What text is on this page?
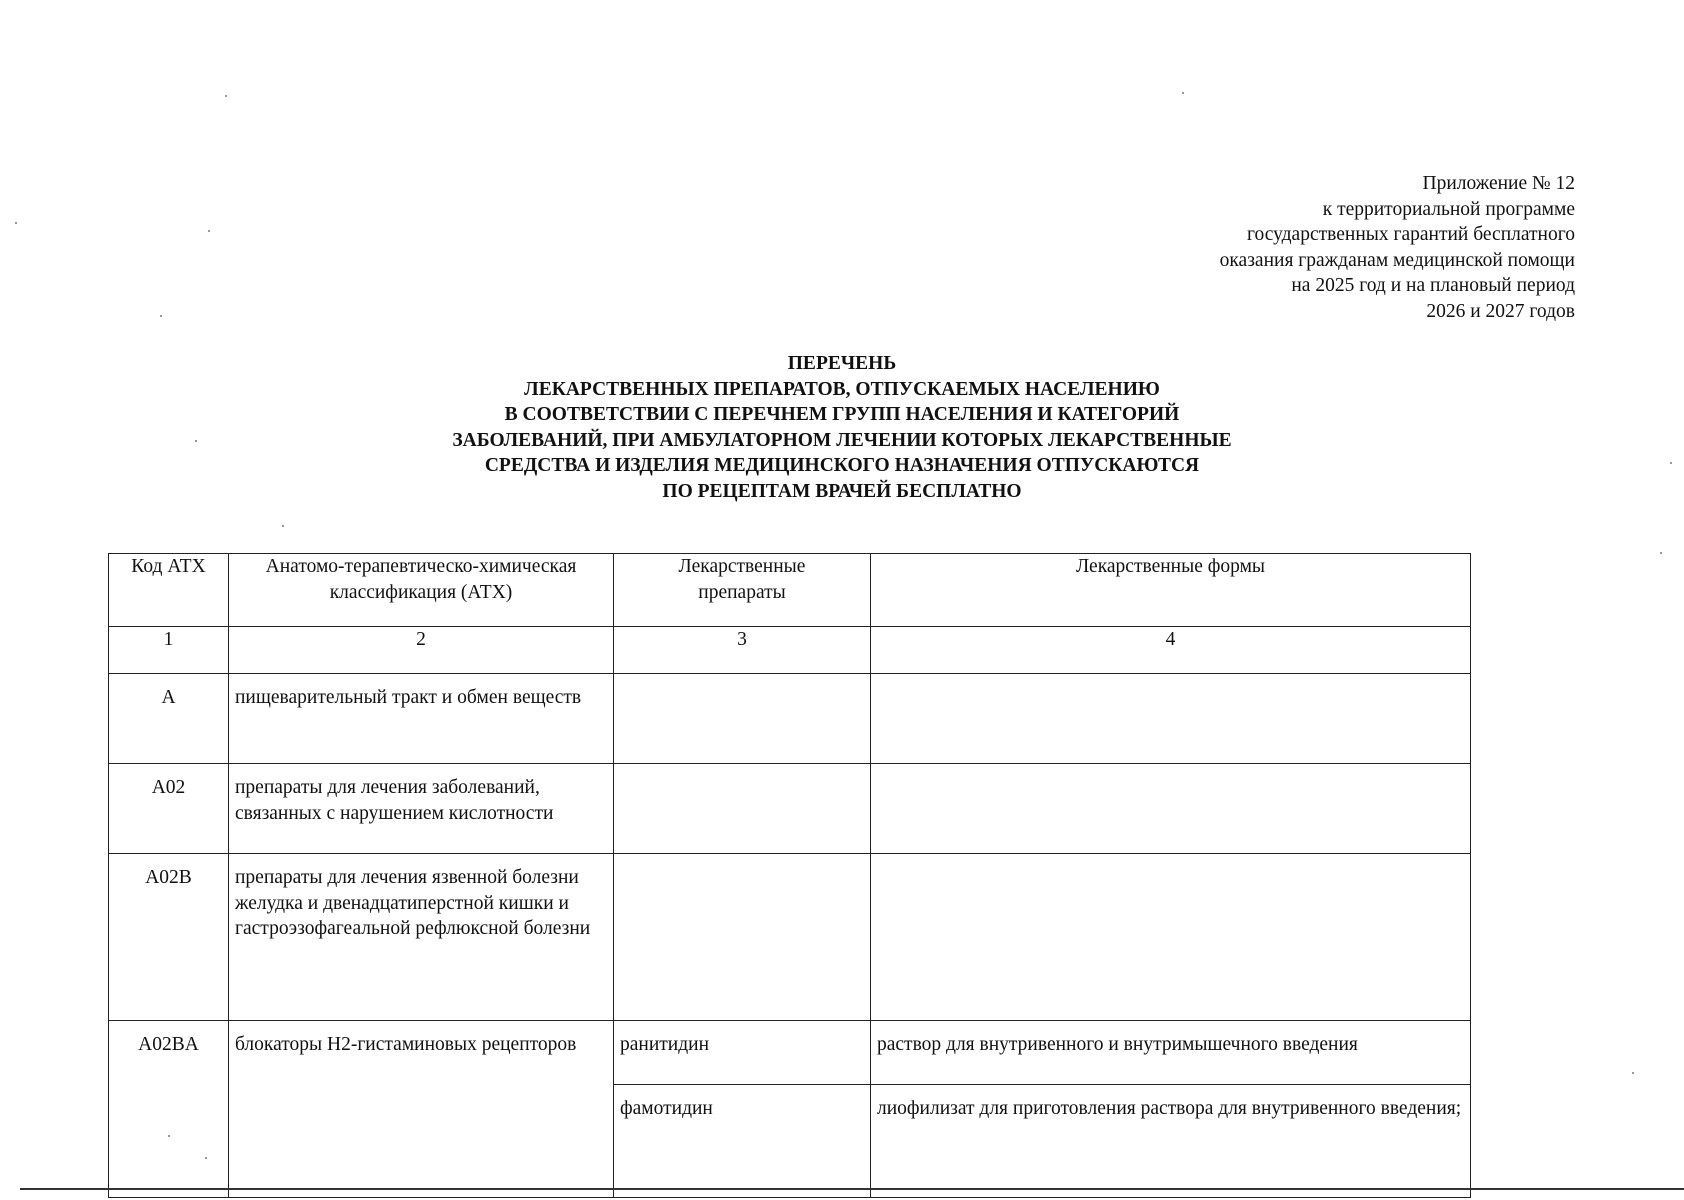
Приложение № 12
к территориальной программе
государственных гарантий бесплатного
оказания гражданам медицинской помощи
на 2025 год и на плановый период
2026 и 2027 годов
ПЕРЕЧЕНЬ
ЛЕКАРСТВЕННЫХ ПРЕПАРАТОВ, ОТПУСКАЕМЫХ НАСЕЛЕНИЮ
В СООТВЕТСТВИИ С ПЕРЕЧНЕМ ГРУПП НАСЕЛЕНИЯ И КАТЕГОРИЙ
ЗАБОЛЕВАНИЙ, ПРИ АМБУЛАТОРНОМ ЛЕЧЕНИИ КОТОРЫХ ЛЕКАРСТВЕННЫЕ
СРЕДСТВА И ИЗДЕЛИЯ МЕДИЦИНСКОГО НАЗНАЧЕНИЯ ОТПУСКАЮТСЯ
ПО РЕЦЕПТАМ ВРАЧЕЙ БЕСПЛАТНО
Код АТХ	Анатомо-терапевтическо-химическая классификация (АТХ)	Лекарственные препараты	Лекарственные формы
1	2	3	4
A	пищеварительный тракт и обмен веществ		
A02	препараты для лечения заболеваний, связанных с нарушением кислотности		
A02B	препараты для лечения язвенной болезни желудка и двенадцатиперстной кишки и гастроэзофагеальной рефлюксной болезни		
A02BA	блокаторы H2-гистаминовых рецепторов	ранитидин	раствор для внутривенного и внутримышечного введения
		фамотидин	лиофилизат для приготовления раствора для внутривенного введения;
